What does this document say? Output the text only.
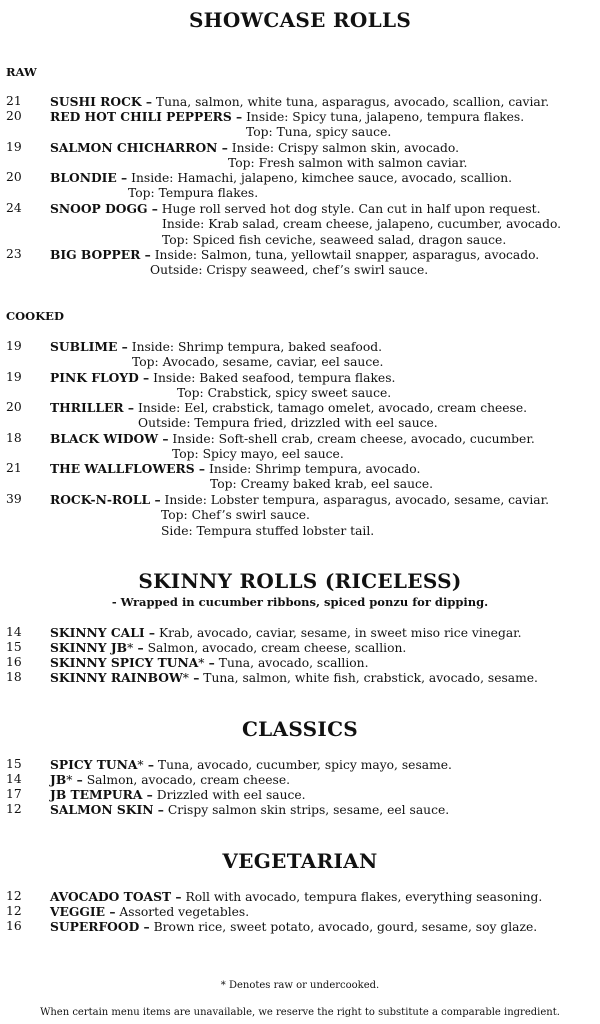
SHOWCASE ROLLS
RAW
COOKED
SKINNY ROLLS (RICELESS)

- Wrapped in cucumber ribbons, spiced ponzu for dipping.

CLASSICS
VEGETARIAN
21 SUSHI ROCK – Tuna, salmon, white tuna, asparagus, avocado, scallion, caviar.
20 RED HOT CHILI PEPPERS – Inside: Spicy tuna, jalapeno, tempura flakes.
Top: Tuna, spicy sauce.
19 SALMON CHICHARRON – Inside: Crispy salmon skin, avocado.
Top: Fresh salmon with salmon caviar.
20 BLONDIE – Inside: Hamachi, jalapeno, kimchee sauce, avocado, scallion.
Top: Tempura flakes.
24 SNOOP DOGG – Huge roll served hot dog style. Can cut in half upon request.
Inside: Krab salad, cream cheese, jalapeno, cucumber, avocado.
Top: Spiced fish ceviche, seaweed salad, dragon sauce.
23 BIG BOPPER – Inside: Salmon, tuna, yellowtail snapper, asparagus, avocado.
Outside: Crispy seaweed, chef’s swirl sauce.
19 SUBLIME – Inside: Shrimp tempura, baked seafood.
Top: Avocado, sesame, caviar, eel sauce.
19 PINK FLOYD – Inside: Baked seafood, tempura flakes.
Top: Crabstick, spicy sweet sauce.
20 THRILLER – Inside: Eel, crabstick, tamago omelet, avocado, cream cheese.
Outside: Tempura fried, drizzled with eel sauce.
18 BLACK WIDOW – Inside: Soft-shell crab, cream cheese, avocado, cucumber.
Top: Spicy mayo, eel sauce.
21 THE WALLFLOWERS – Inside: Shrimp tempura, avocado.
Top: Creamy baked krab, eel sauce.
39 ROCK-N-ROLL – Inside: Lobster tempura, asparagus, avocado, sesame, caviar.
Top: Chef’s swirl sauce.
Side: Tempura stuffed lobster tail.
14 SKINNY CALI – Krab, avocado, caviar, sesame, in sweet miso rice vinegar.
15 SKINNY JB* – Salmon, avocado, cream cheese, scallion.
16 SKINNY SPICY TUNA* – Tuna, avocado, scallion.
18 SKINNY RAINBOW* – Tuna, salmon, white fish, crabstick, avocado, sesame.
15 SPICY TUNA* – Tuna, avocado, cucumber, spicy mayo, sesame.
14 JB* – Salmon, avocado, cream cheese.
17 JB TEMPURA – Drizzled with eel sauce.
12 SALMON SKIN – Crispy salmon skin strips, sesame, eel sauce.
12 AVOCADO TOAST – Roll with avocado, tempura flakes, everything seasoning.
12 VEGGIE – Assorted vegetables.
16 SUPERFOOD – Brown rice, sweet potato, avocado, gourd, sesame, soy glaze.
* Denotes raw or undercooked.
When certain menu items are unavailable, we reserve the right to substitute a comparable ingredient.
